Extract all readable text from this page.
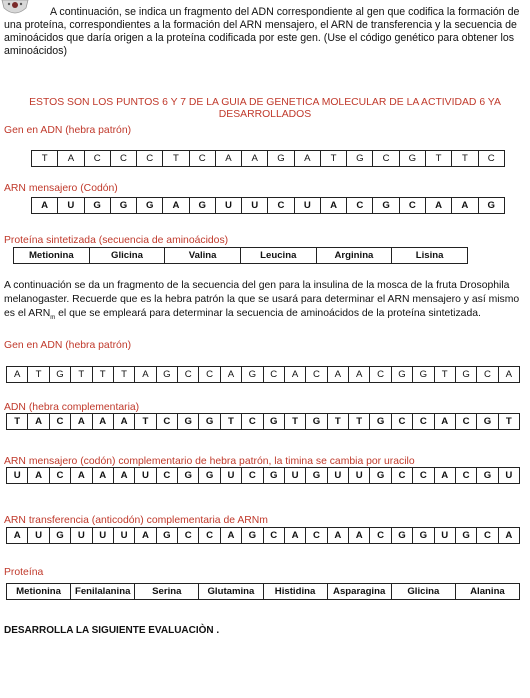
A continuación, se indica un fragmento del ADN correspondiente al gen que codifica la formación de una proteína, correspondientes a la formación del ARN mensajero, el ARN de transferencia y la secuencia de aminoácidos que daría origen a la proteína codificada por este gen. (Use el código genético para obtener los aminoácidos)

ESTOS SON LOS PUNTOS 6 Y 7 DE LA GUIA DE GENETICA MOLECULAR DE LA ACTIVIDAD 6 YA DESARROLLADOS

Gen en ADN (hebra patrón)

T	A	C	C	C	T	C	A	A	G	A	T	G	C	G	T	T	C

ARN mensajero (Codón)

A	U	G	G	G	A	G	U	U	C	U	A	C	G	C	A	A	G

Proteína sintetizada (secuencia de aminoácidos)

Metionina	Glicina	Valina	Leucina	Arginina	Lisina

A continuación se da un fragmento de la secuencia del gen para la insulina de la mosca de la fruta Drosophila melanogaster. Recuerde que es la hebra patrón la que se usará para determinar el ARN mensajero y así mismo es el $ARN_m$ el que se empleará para determinar la secuencia de aminoácidos de la proteína sintetizada.

Gen en ADN (hebra patrón)

A	T	G	T	T	T	A	G	C	C	A	G	C	A	C	A	A	C	G	G	T	G	C	A

ADN (hebra complementaria)

T	A	C	A	A	A	T	C	G	G	T	C	G	T	G	T	T	G	C	C	A	C	G	T

ARN mensajero (codón) complementario de hebra patrón, la timina se cambia por uracilo

U	A	C	A	A	A	U	C	G	G	U	C	G	U	G	U	U	G	C	C	A	C	G	U

ARN transferencia (anticodón) complementaria de ARNm

A	U	G	U	U	U	A	G	C	C	A	G	C	A	C	A	A	C	G	G	U	G	C	A

Proteína

Metionina	Fenilalanina	Serina	Glutamina	Histidina	Asparagina	Glicina	Alanina

DESARROLLA LA SIGUIENTE EVALUACIÒN .
